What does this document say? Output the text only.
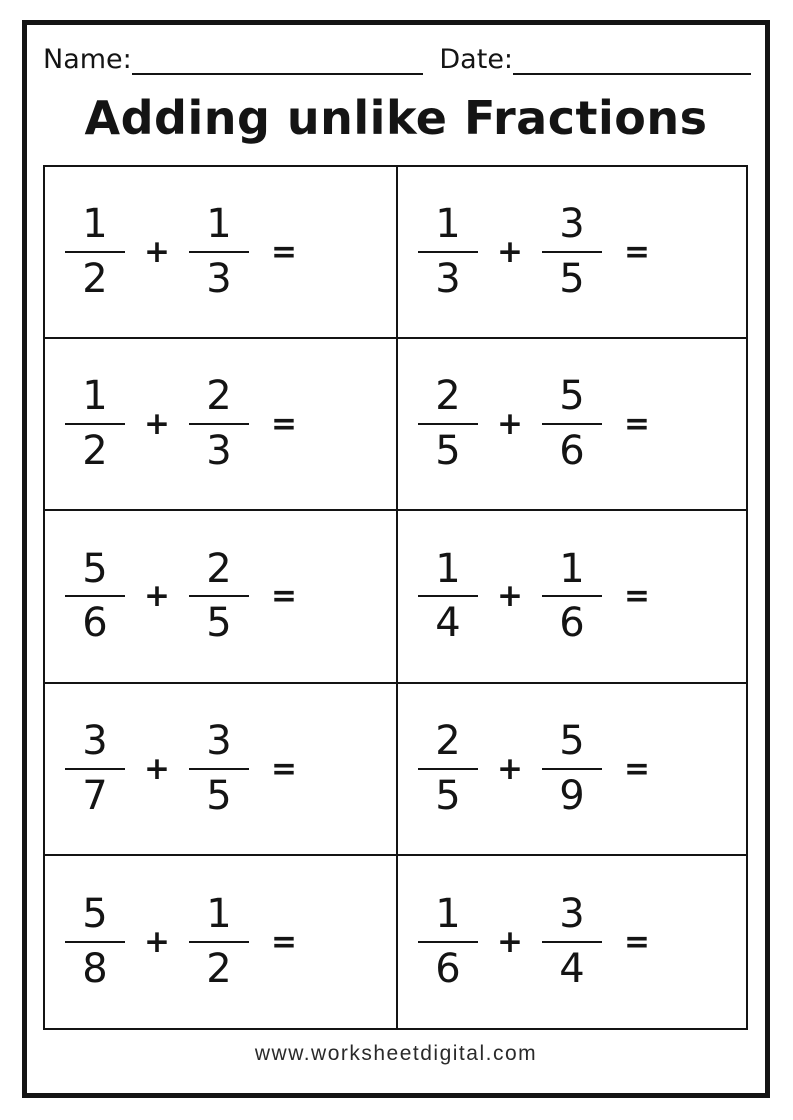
Name:	Date:
Adding unlike Fractions
$\frac{1}{2} + \frac{1}{3}$ =	$\frac{1}{3} + \frac{3}{5}$ =
$\frac{1}{2} + \frac{2}{3}$ =	$\frac{2}{5} + \frac{5}{6}$ =
$\frac{5}{6} + \frac{2}{5}$ =	$\frac{1}{4} + \frac{1}{6}$ =
$\frac{3}{7} + \frac{3}{5}$ =	$\frac{2}{5} + \frac{5}{9}$ =
$\frac{5}{8} + \frac{1}{2}$ =	$\frac{1}{6} + \frac{3}{4}$ =
www.worksheetdigital.com
